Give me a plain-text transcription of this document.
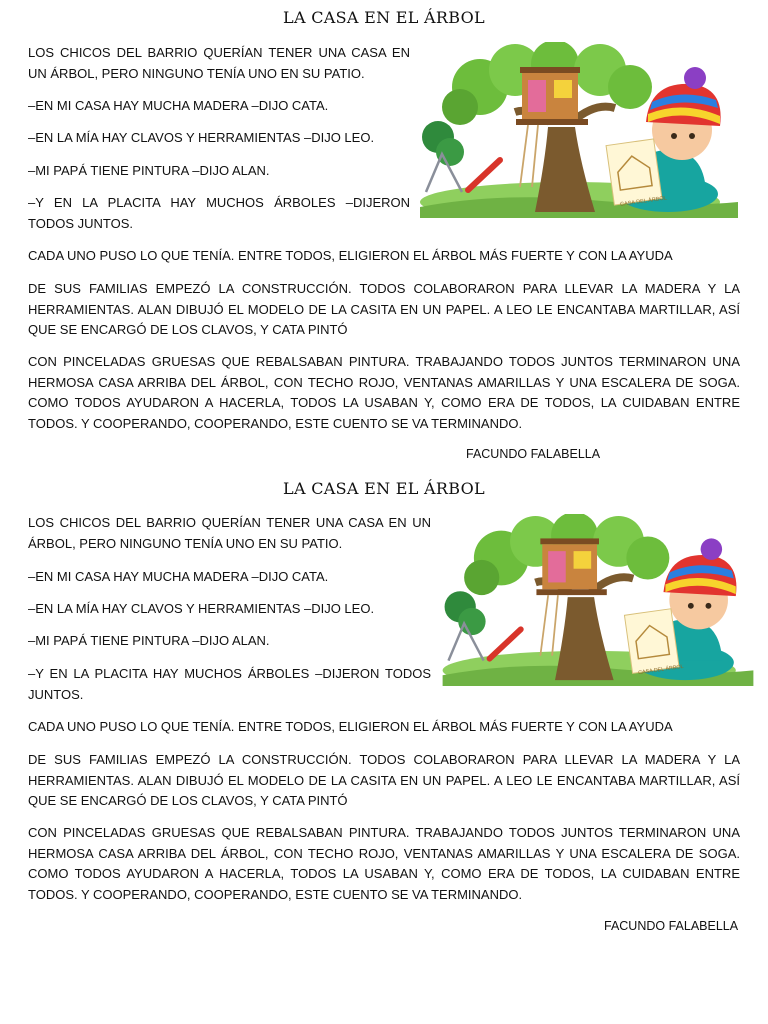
LA CASA EN EL ÁRBOL

LOS CHICOS DEL BARRIO QUERÍAN TENER UNA CASA EN UN ÁRBOL, PERO NINGUNO TENÍA UNO EN SU PATIO.

–EN MI CASA HAY MUCHA MADERA –DIJO CATA.

–EN LA MÍA HAY CLAVOS Y HERRAMIENTAS –DIJO LEO.

–MI PAPÁ TIENE PINTURA –DIJO ALAN.

–Y EN LA PLACITA HAY MUCHOS ÁRBOLES –DIJERON TODOS JUNTOS.

CADA UNO PUSO LO QUE TENÍA. ENTRE TODOS, ELIGIERON EL ÁRBOL MÁS FUERTE Y CON LA AYUDA

DE SUS FAMILIAS EMPEZÓ LA CONSTRUCCIÓN. TODOS COLABORARON PARA LLEVAR LA MADERA Y LA HERRAMIENTAS. ALAN DIBUJÓ EL MODELO DE LA CASITA EN UN PAPEL. A LEO LE ENCANTABA MARTILLAR, ASÍ QUE SE ENCARGÓ DE LOS CLAVOS, Y CATA PINTÓ

CON PINCELADAS GRUESAS QUE REBALSABAN PINTURA. TRABAJANDO TODOS JUNTOS TERMINARON UNA HERMOSA CASA ARRIBA DEL ÁRBOL, CON TECHO ROJO, VENTANAS AMARILLAS Y UNA ESCALERA DE SOGA. COMO TODOS AYUDARON A HACERLA, TODOS LA USABAN Y, COMO ERA DE TODOS, LA CUIDABAN ENTRE TODOS. Y COOPERANDO, COOPERANDO, ESTE CUENTO SE VA TERMINANDO.

FACUNDO FALABELLA
CASA DEL ÁRBOL
LA CASA EN EL ÁRBOL

LOS CHICOS DEL BARRIO QUERÍAN TENER UNA CASA EN UN ÁRBOL, PERO NINGUNO TENÍA UNO EN SU PATIO.

–EN MI CASA HAY MUCHA MADERA –DIJO CATA.

–EN LA MÍA HAY CLAVOS Y HERRAMIENTAS –DIJO LEO.

–MI PAPÁ TIENE PINTURA –DIJO ALAN.

–Y EN LA PLACITA HAY MUCHOS ÁRBOLES –DIJERON TODOS JUNTOS.

CADA UNO PUSO LO QUE TENÍA. ENTRE TODOS, ELIGIERON EL ÁRBOL MÁS FUERTE Y CON LA AYUDA

DE SUS FAMILIAS EMPEZÓ LA CONSTRUCCIÓN. TODOS COLABORARON PARA LLEVAR LA MADERA Y LA HERRAMIENTAS. ALAN DIBUJÓ EL MODELO DE LA CASITA EN UN PAPEL. A LEO LE ENCANTABA MARTILLAR, ASÍ QUE SE ENCARGÓ DE LOS CLAVOS, Y CATA PINTÓ

CON PINCELADAS GRUESAS QUE REBALSABAN PINTURA. TRABAJANDO TODOS JUNTOS TERMINARON UNA HERMOSA CASA ARRIBA DEL ÁRBOL, CON TECHO ROJO, VENTANAS AMARILLAS Y UNA ESCALERA DE SOGA. COMO TODOS AYUDARON A HACERLA, TODOS LA USABAN Y, COMO ERA DE TODOS, LA CUIDABAN ENTRE TODOS. Y COOPERANDO, COOPERANDO, ESTE CUENTO SE VA TERMINANDO.

FACUNDO FALABELLA
CASA DEL ÁRBOL
